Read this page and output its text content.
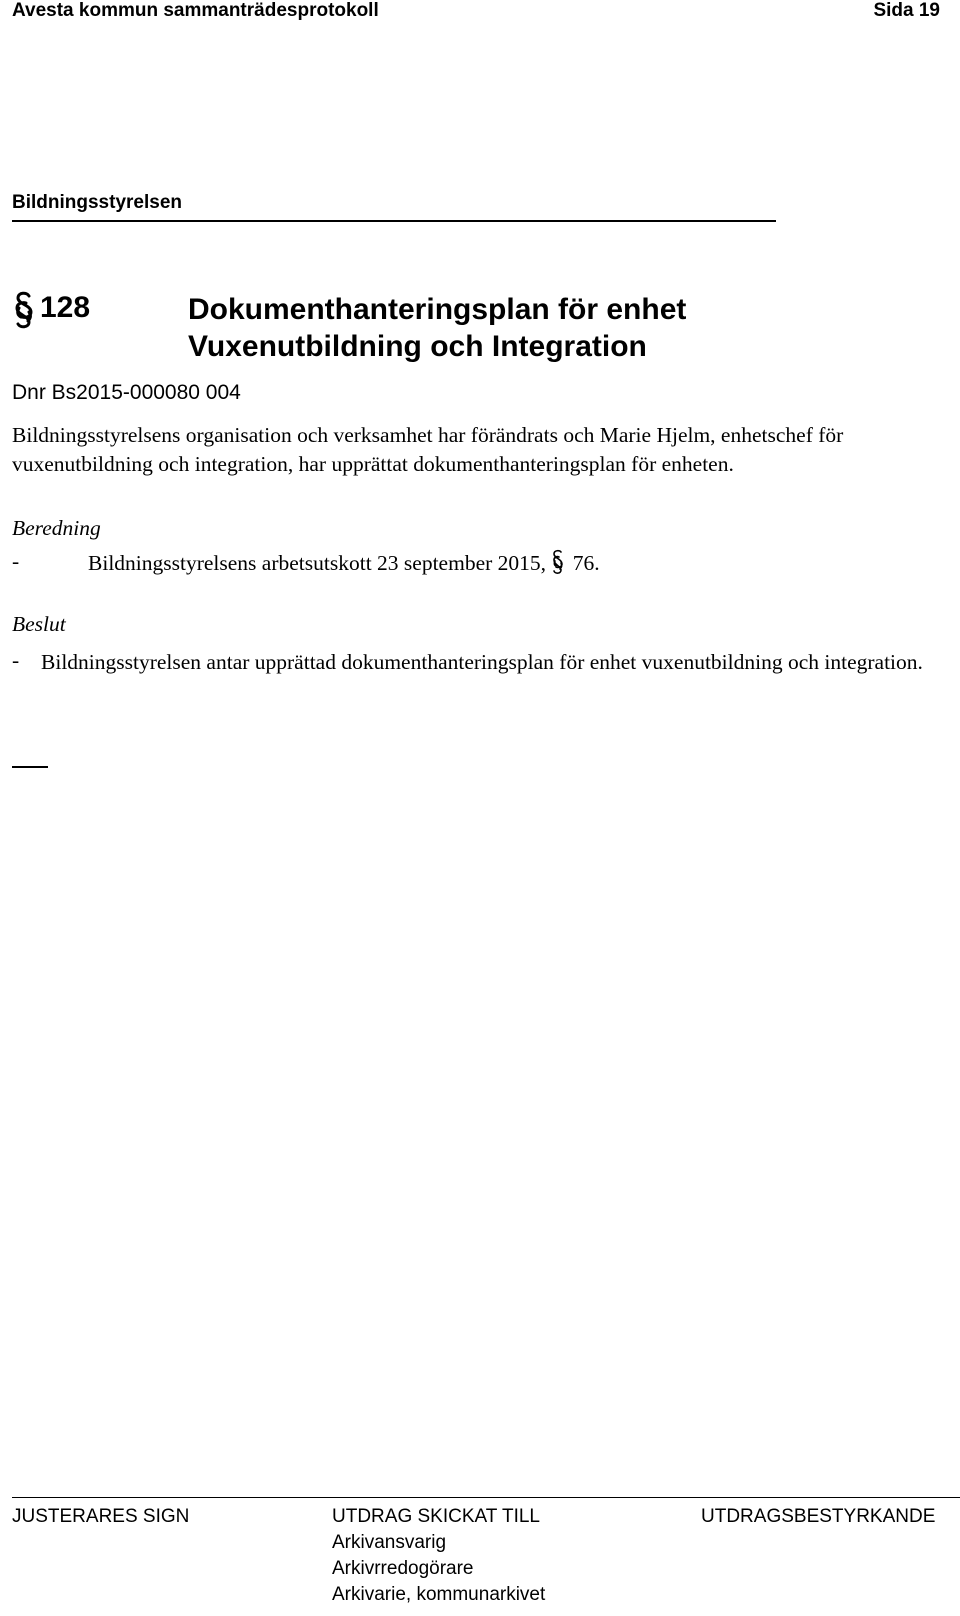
Avesta kommun sammanträdesprotokoll	Sida 19
Bildningsstyrelsen
128	Dokumenthanteringsplan för enhet Vuxenutbildning och Integration
Dnr Bs2015-000080 004
Bildningsstyrelsens organisation och verksamhet har förändrats och Marie Hjelm, enhetschef för vuxenutbildning och integration, har upprättat dokumenthanteringsplan för enheten.
Beredning
-	Bildningsstyrelsens arbetsutskott 23 september 2015, 76.
Beslut
- Bildningsstyrelsen antar upprättad dokumenthanteringsplan för enhet vuxenutbildning och integration.
JUSTERARES SIGN	UTDRAG SKICKAT TILL	UTDRAGSBESTYRKANDE
Arkivansvarig
Arkivrredogörare
Arkivarie, kommunarkivet
